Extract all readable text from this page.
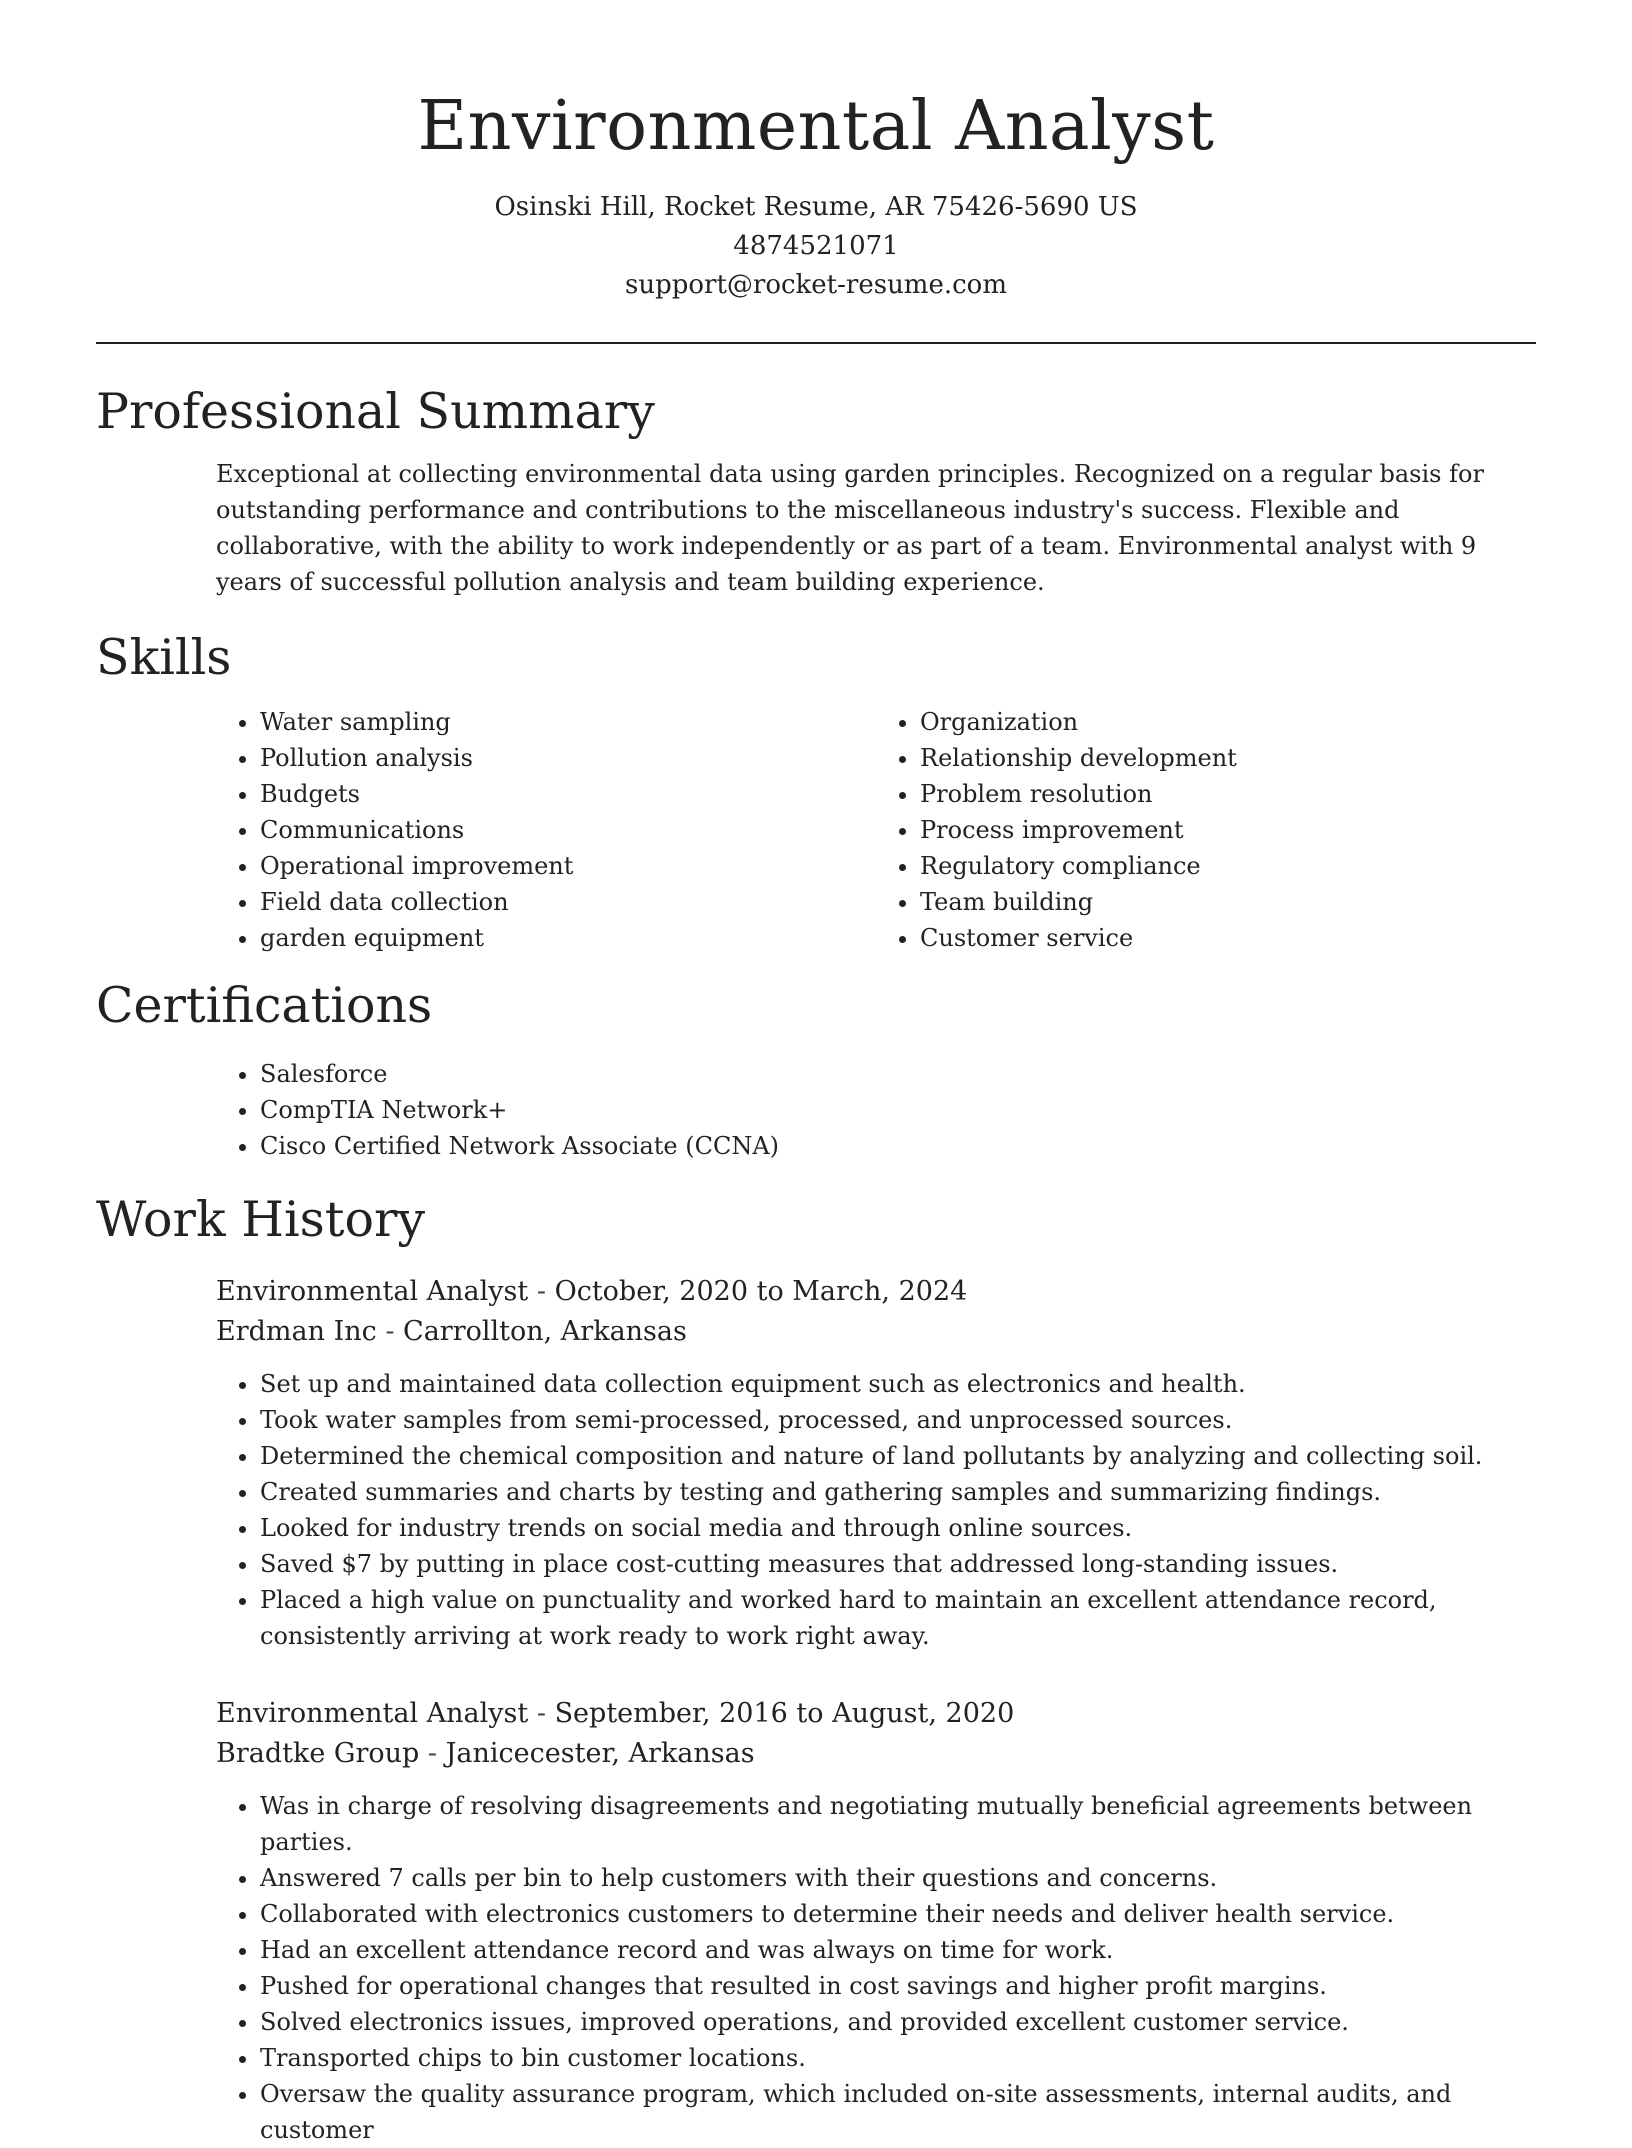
Environmental Analyst
Osinski Hill, Rocket Resume, AR 75426-5690 US
4874521071
support@rocket-resume.com
Professional Summary

Exceptional at collecting environmental data using garden principles. Recognized on a regular basis for outstanding performance and contributions to the miscellaneous industry's success. Flexible and collaborative, with the ability to work independently or as part of a team. Environmental analyst with 9 years of successful pollution analysis and team building experience.

Skills
• Water sampling
• Pollution analysis
• Budgets
• Communications
• Operational improvement
• Field data collection
• garden equipment
• Organization
• Relationship development
• Problem resolution
• Process improvement
• Regulatory compliance
• Team building
• Customer service
Certifications
• Salesforce
• CompTIA Network+
• Cisco Certified Network Associate (CCNA)
Work History
Environmental Analyst - October, 2020 to March, 2024
Erdman Inc - Carrollton, Arkansas
• Set up and maintained data collection equipment such as electronics and health.
• Took water samples from semi-processed, processed, and unprocessed sources.
• Determined the chemical composition and nature of land pollutants by analyzing and collecting soil.
• Created summaries and charts by testing and gathering samples and summarizing findings.
• Looked for industry trends on social media and through online sources.
• Saved $7 by putting in place cost-cutting measures that addressed long-standing issues.
• Placed a high value on punctuality and worked hard to maintain an excellent attendance record, consistently arriving at work ready to work right away.
Environmental Analyst - September, 2016 to August, 2020
Bradtke Group - Janicecester, Arkansas
• Was in charge of resolving disagreements and negotiating mutually beneficial agreements between parties.
• Answered 7 calls per bin to help customers with their questions and concerns.
• Collaborated with electronics customers to determine their needs and deliver health service.
• Had an excellent attendance record and was always on time for work.
• Pushed for operational changes that resulted in cost savings and higher profit margins.
• Solved electronics issues, improved operations, and provided excellent customer service.
• Transported chips to bin customer locations.
• Oversaw the quality assurance program, which included on-site assessments, internal audits, and customer
